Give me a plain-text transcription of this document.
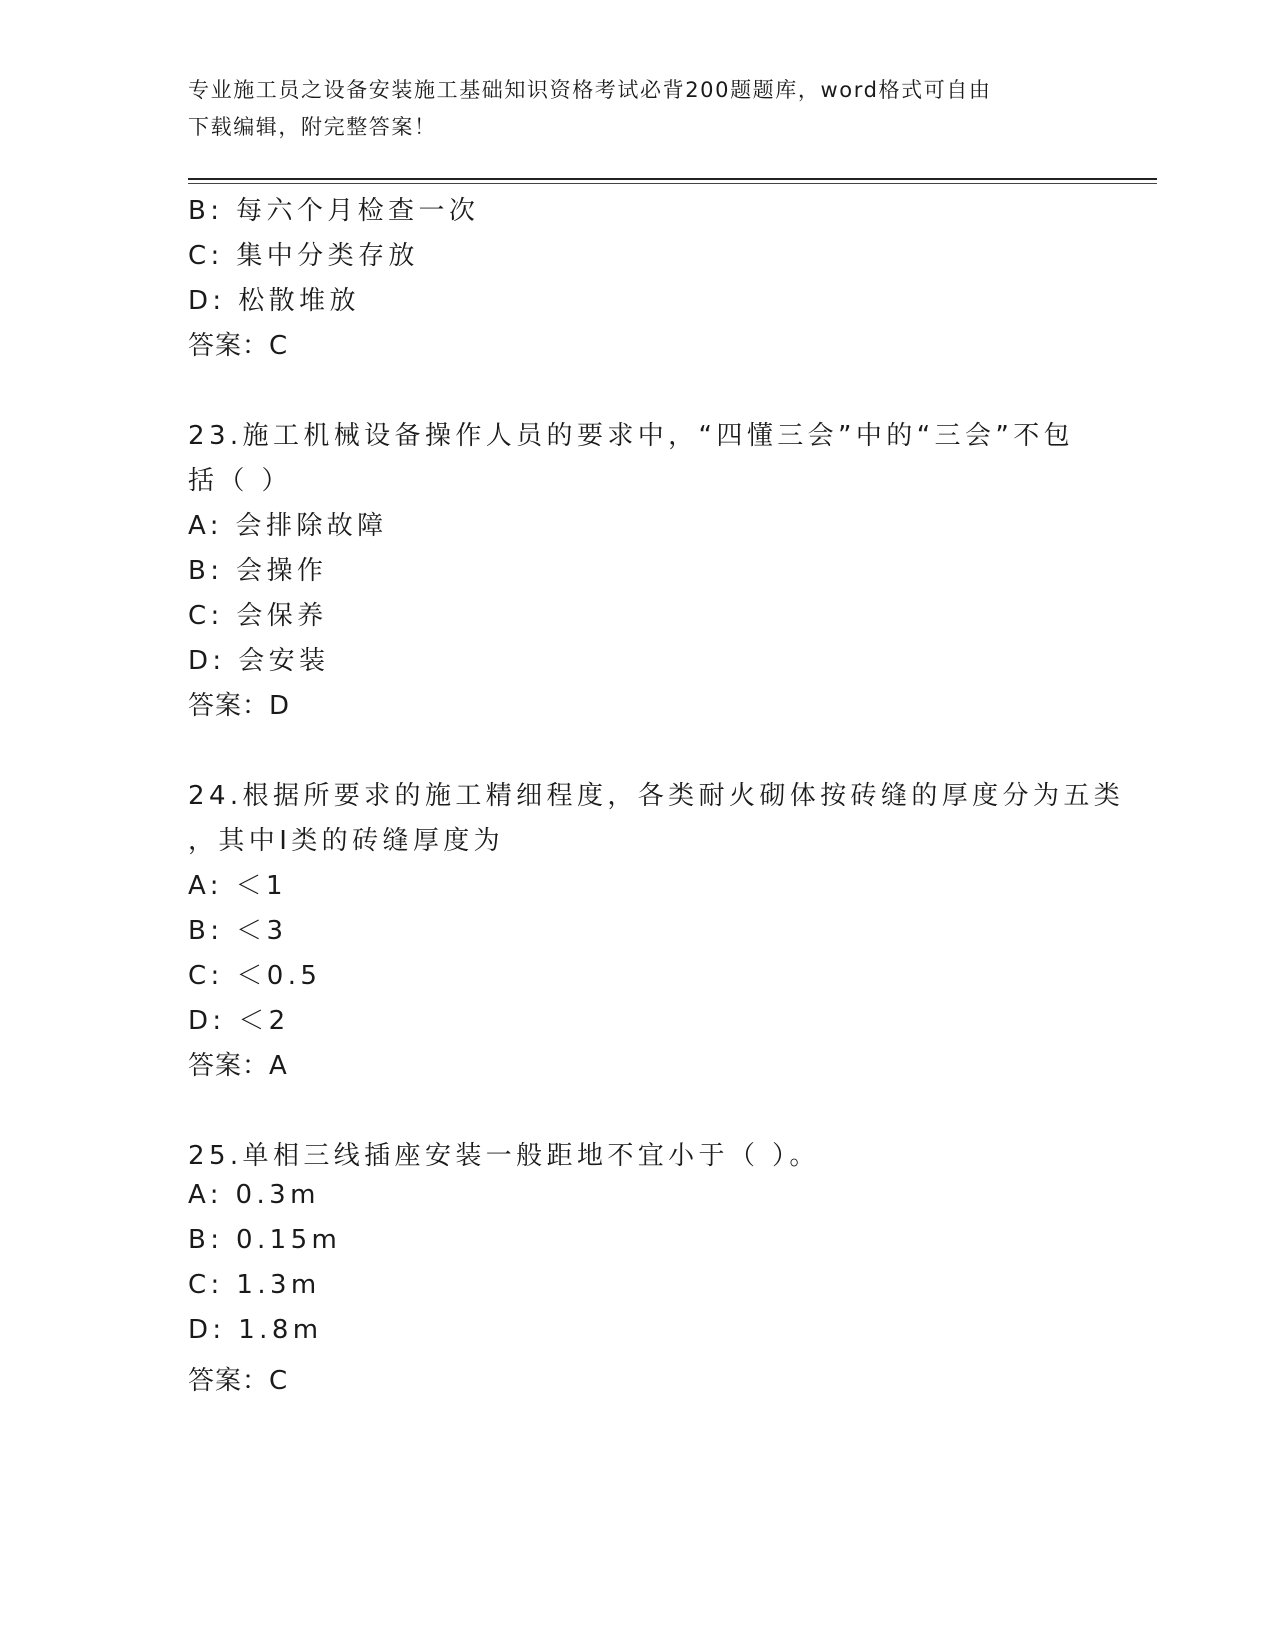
专业施工员之设备安装施工基础知识资格考试必背200题题库，word格式可自由
下载编辑，附完整答案！
B: 每六个月检查一次
C: 集中分类存放
D: 松散堆放
答案：C
23.施工机械设备操作人员的要求中，“四懂三会”中的“三会”不包
括（ ）
A: 会排除故障
B: 会操作
C: 会保养
D: 会安装
答案：D
24.根据所要求的施工精细程度，各类耐火砌体按砖缝的厚度分为五类
，其中Ⅰ类的砖缝厚度为
A: ＜1
B: ＜3
C: ＜0.5
D: ＜2
答案：A
25.单相三线插座安装一般距地不宜小于（ ）。
A: 0.3m
B: 0.15m
C: 1.3m
D: 1.8m
答案：C
